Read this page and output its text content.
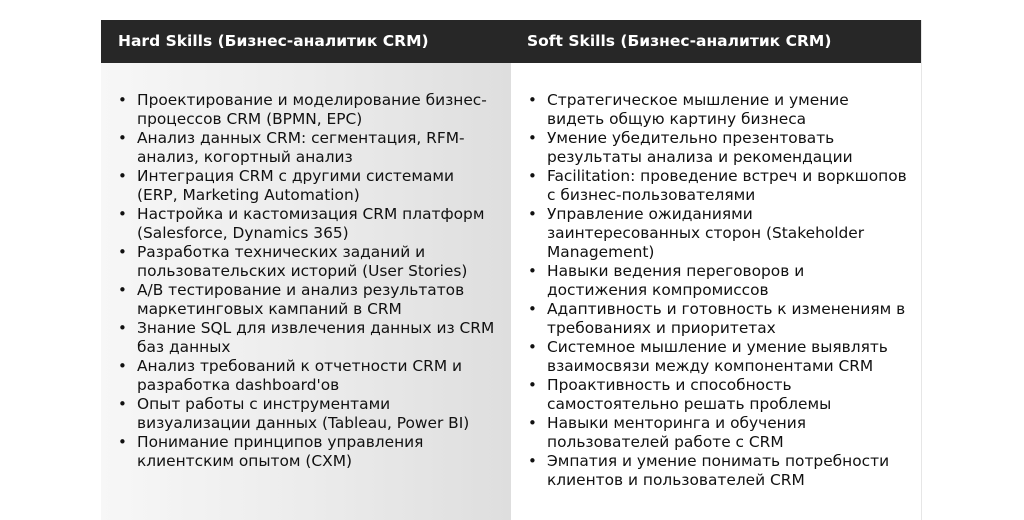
Hard Skills (Бизнес-аналитик CRM)	Soft Skills (Бизнес-аналитик CRM)
• Проектирование и моделирование бизнес-процессов CRM (BPMN, EPC)
• Анализ данных CRM: сегментация, RFM-анализ, когортный анализ
• Интеграция CRM с другими системами (ERP, Marketing Automation)
• Настройка и кастомизация CRM платформ (Salesforce, Dynamics 365)
• Разработка технических заданий и пользовательских историй (User Stories)
• A/B тестирование и анализ результатов маркетинговых кампаний в CRM
• Знание SQL для извлечения данных из CRM баз данных
• Анализ требований к отчетности CRM и разработка dashboard'ов
• Опыт работы с инструментами визуализации данных (Tableau, Power BI)
• Понимание принципов управления клиентским опытом (CXM)
• Стратегическое мышление и умение видеть общую картину бизнеса
• Умение убедительно презентовать результаты анализа и рекомендации
• Facilitation: проведение встреч и воркшопов с бизнес-пользователями
• Управление ожиданиями заинтересованных сторон (Stakeholder Management)
• Навыки ведения переговоров и достижения компромиссов
• Адаптивность и готовность к изменениям в требованиях и приоритетах
• Системное мышление и умение выявлять взаимосвязи между компонентами CRM
• Проактивность и способность самостоятельно решать проблемы
• Навыки менторинга и обучения пользователей работе с CRM
• Эмпатия и умение понимать потребности клиентов и пользователей CRM
